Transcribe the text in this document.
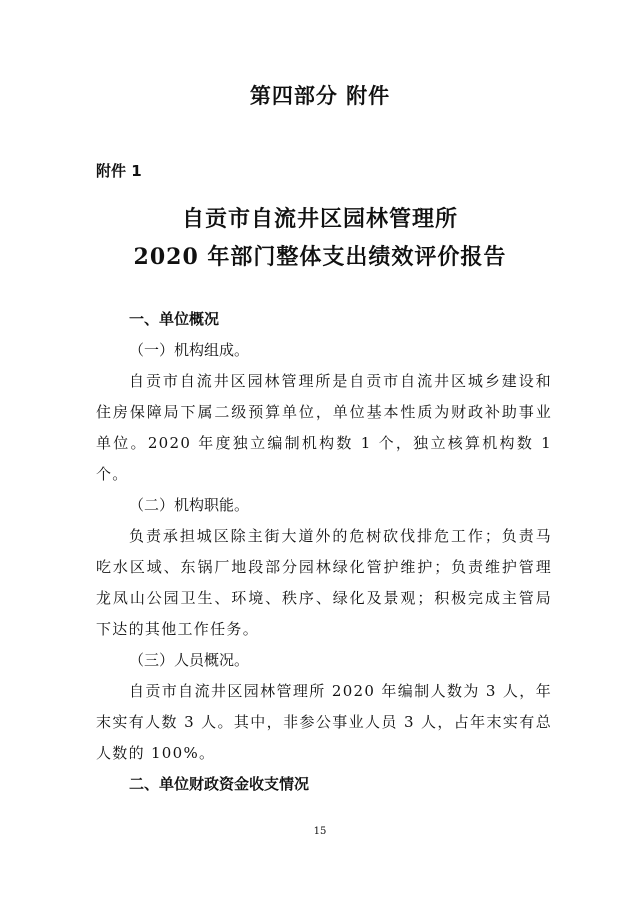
第四部分 附件
附件 1
自贡市自流井区园林管理所
2020 年部门整体支出绩效评价报告

一、单位概况

（一）机构组成。

自贡市自流井区园林管理所是自贡市自流井区城乡建设和住房保障局下属二级预算单位，单位基本性质为财政补助事业单位。2020 年度独立编制机构数 1 个，独立核算机构数 1 个。

（二）机构职能。

负责承担城区除主街大道外的危树砍伐排危工作；负责马吃水区域、东锅厂地段部分园林绿化管护维护；负责维护管理龙凤山公园卫生、环境、秩序、绿化及景观；积极完成主管局下达的其他工作任务。

（三）人员概况。

自贡市自流井区园林管理所 2020 年编制人数为 3 人，年末实有人数 3 人。其中，非参公事业人员 3 人，占年末实有总人数的 100%。

二、单位财政资金收支情况

15
